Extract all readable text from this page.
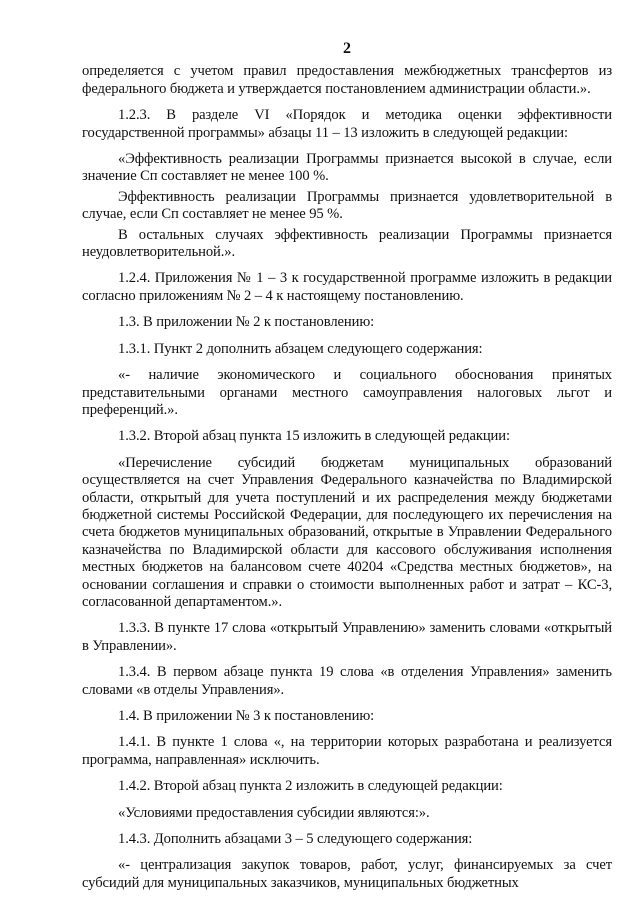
2

определяется с учетом правил предоставления межбюджетных трансфертов из федерального бюджета и утверждается постановлением администрации области.».

1.2.3. В разделе VI «Порядок и методика оценки эффективности государственной программы» абзацы 11 – 13 изложить в следующей редакции:

«Эффективность реализации Программы признается высокой в случае, если значение Сп составляет не менее 100 %.

Эффективность реализации Программы признается удовлетворительной в случае, если Сп составляет не менее 95 %.

В остальных случаях эффективность реализации Программы признается неудовлетворительной.».

1.2.4. Приложения № 1 – 3 к государственной программе изложить в редакции согласно приложениям № 2 – 4 к настоящему постановлению.

1.3. В приложении № 2 к постановлению:

1.3.1. Пункт 2 дополнить абзацем следующего содержания:

«- наличие экономического и социального обоснования принятых представительными органами местного самоуправления налоговых льгот и преференций.».

1.3.2. Второй абзац пункта 15 изложить в следующей редакции:

«Перечисление субсидий бюджетам муниципальных образований осуществляется на счет Управления Федерального казначейства по Владимирской области, открытый для учета поступлений и их распределения между бюджетами бюджетной системы Российской Федерации, для последующего их перечисления на счета бюджетов муниципальных образований, открытые в Управлении Федерального казначейства по Владимирской области для кассового обслуживания исполнения местных бюджетов на балансовом счете 40204 «Средства местных бюджетов», на основании соглашения и справки о стоимости выполненных работ и затрат – КС-3, согласованной департаментом.».

1.3.3. В пункте 17 слова «открытый Управлению» заменить словами «открытый в Управлении».

1.3.4. В первом абзаце пункта 19 слова «в отделения Управления» заменить словами «в отделы Управления».

1.4. В приложении № 3 к постановлению:

1.4.1. В пункте 1 слова «, на территории которых разработана и реализуется программа, направленная» исключить.

1.4.2. Второй абзац пункта 2 изложить в следующей редакции:

«Условиями предоставления субсидии являются:».

1.4.3. Дополнить абзацами 3 – 5 следующего содержания:

«- централизация закупок товаров, работ, услуг, финансируемых за счет субсидий для муниципальных заказчиков, муниципальных бюджетных
